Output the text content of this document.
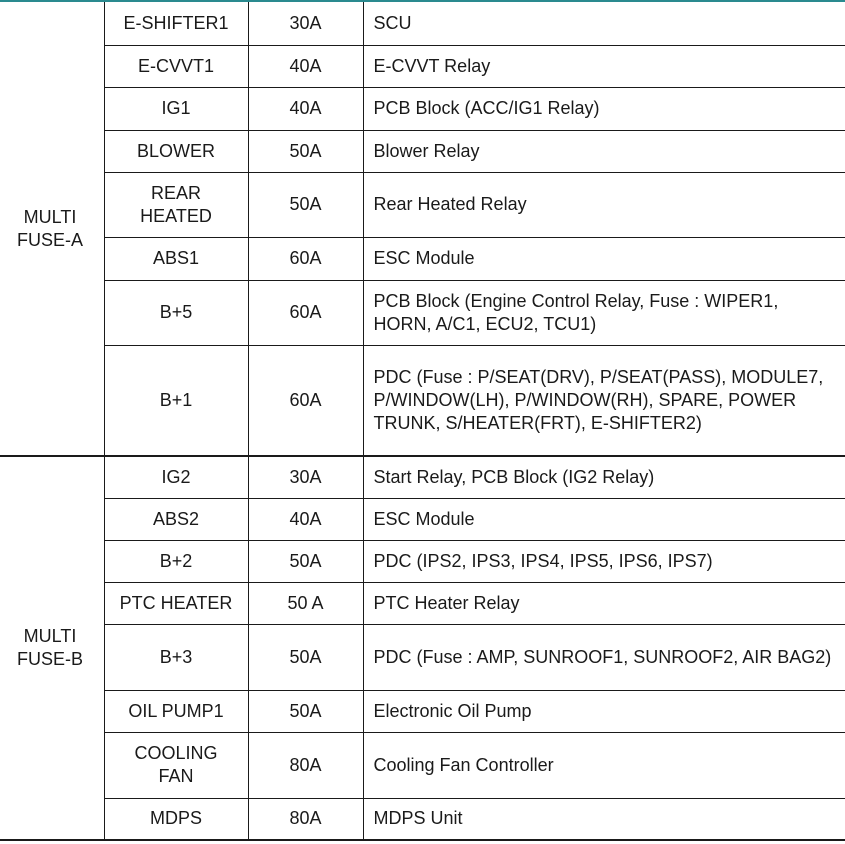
MULTI FUSE-A	E-SHIFTER1	30A	SCU
	E-CVVT1	40A	E-CVVT Relay
	IG1	40A	PCB Block (ACC/IG1 Relay)
	BLOWER	50A	Blower Relay

	REAR HEATED	50A	Rear Heated Relay
	ABS1	60A	ESC Module
	B+5	60A	PCB Block (Engine Control Relay, Fuse : WIPER1, HORN, A/C1, ECU2, TCU1)
	B+1	60A	PDC (Fuse : P/SEAT(DRV), P/SEAT(PASS), MODULE7, P/WINDOW(LH), P/WINDOW(RH), SPARE, POWER TRUNK, S/HEATER(FRT), E-SHIFTER2)
MULTI FUSE-B	IG2	30A	Start Relay, PCB Block (IG2 Relay)
	ABS2	40A	ESC Module
	B+2	50A	PDC (IPS2, IPS3, IPS4, IPS5, IPS6, IPS7)
	PTC HEATER	50 A	PTC Heater Relay
	B+3	50A	PDC (Fuse : AMP, SUNROOF1, SUNROOF2, AIR BAG2)
	OIL PUMP1	50A	Electronic Oil Pump

	COOLING FAN	80A	Cooling Fan Controller
	MDPS	80A	MDPS Unit
